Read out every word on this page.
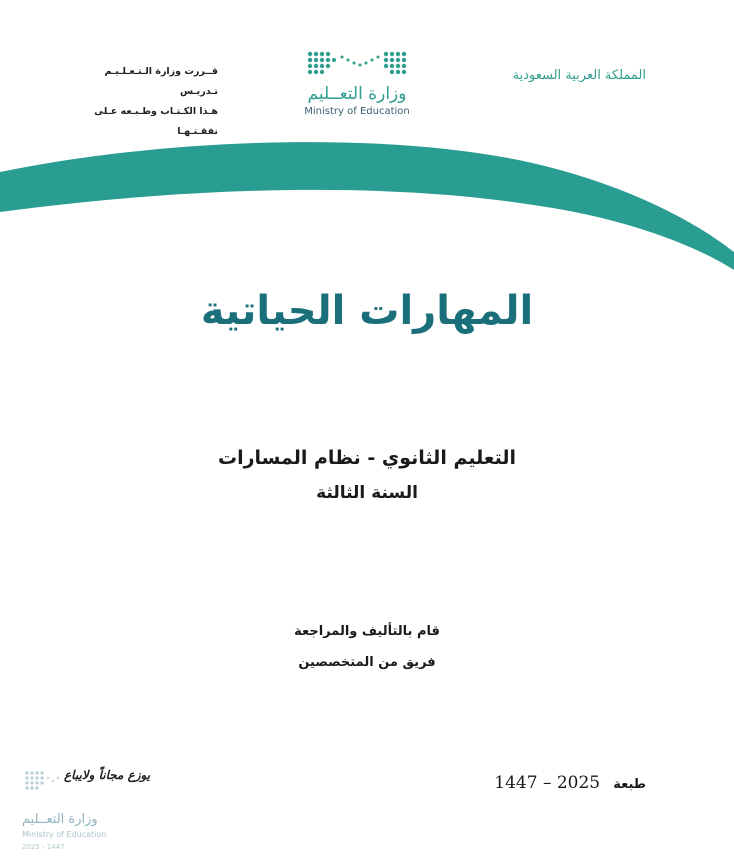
المملكة العربية السعودية
قــررت وزارة الـتـعـلـيـم تـدريـس
هـذا الكـتـاب وطـبـعه عـلى نفقـتـهـا
وزارة التعــليم
Ministry of Education
المهارات الحياتية
التعليم الثانوي - نظام المسارات
السنة الثالثة
قام بالتأليف والمراجعة
فريق من المتخصصين
طبعة 1447 – 2025
يوزع مجاناً ولايباع
وزارة التعــليم
Ministry of Education
2025 - 1447
